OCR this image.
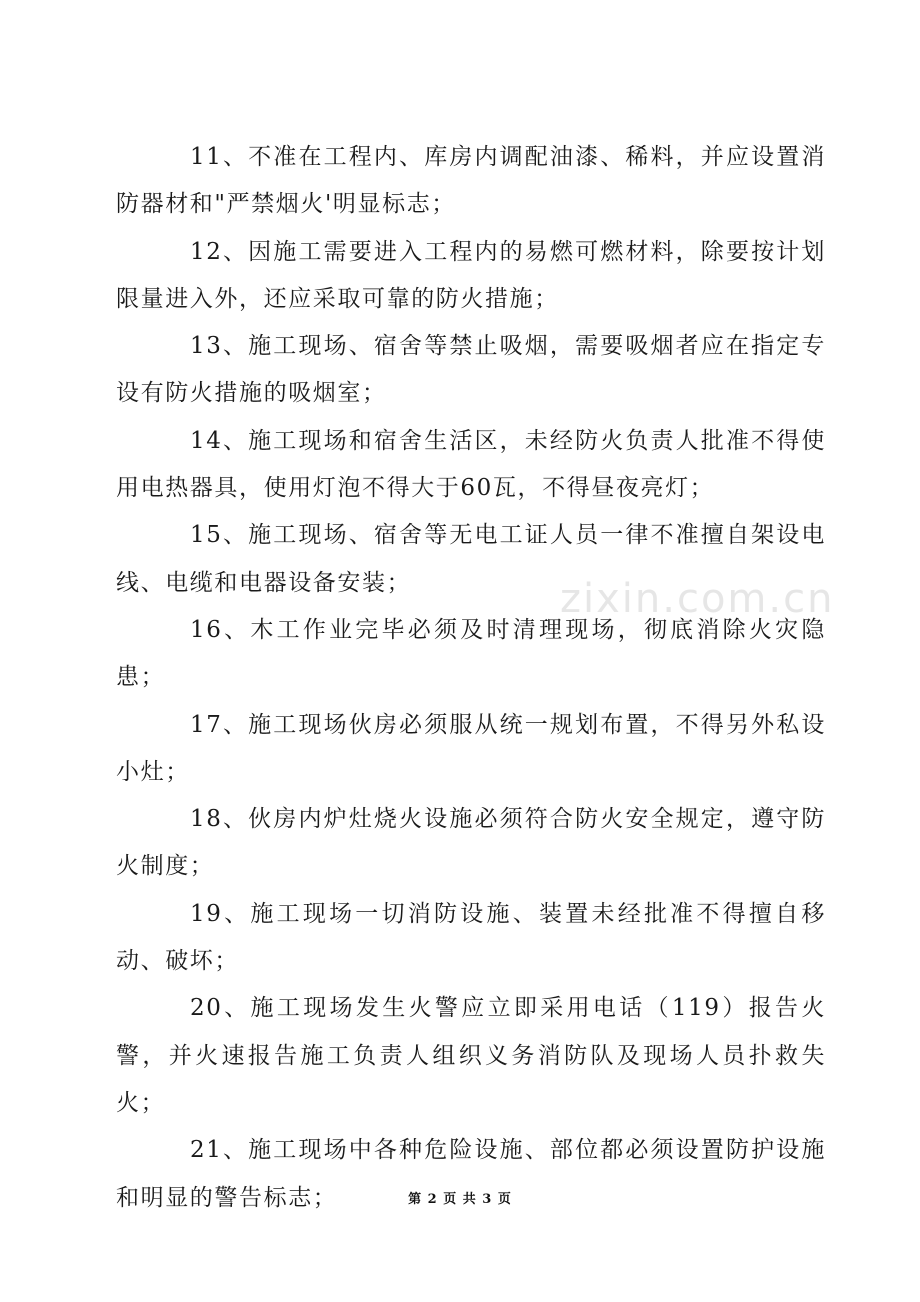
11、不准在工程内、库房内调配油漆、稀料，并应设置消防器材和"严禁烟火'明显标志；

12、因施工需要进入工程内的易燃可燃材料，除要按计划限量进入外，还应采取可靠的防火措施；

13、施工现场、宿舍等禁止吸烟，需要吸烟者应在指定专设有防火措施的吸烟室；

14、施工现场和宿舍生活区，未经防火负责人批准不得使用电热器具，使用灯泡不得大于60瓦，不得昼夜亮灯；

15、施工现场、宿舍等无电工证人员一律不准擅自架设电线、电缆和电器设备安装；

16、木工作业完毕必须及时清理现场，彻底消除火灾隐患；

17、施工现场伙房必须服从统一规划布置，不得另外私设小灶；

18、伙房内炉灶烧火设施必须符合防火安全规定，遵守防火制度；

19、施工现场一切消防设施、装置未经批准不得擅自移动、破坏；

20、施工现场发生火警应立即采用电话（119）报告火警，并火速报告施工负责人组织义务消防队及现场人员扑救失火；

21、施工现场中各种危险设施、部位都必须设置防护设施和明显的警告标志；

zixin.com.cn
第 2 页 共 3 页
